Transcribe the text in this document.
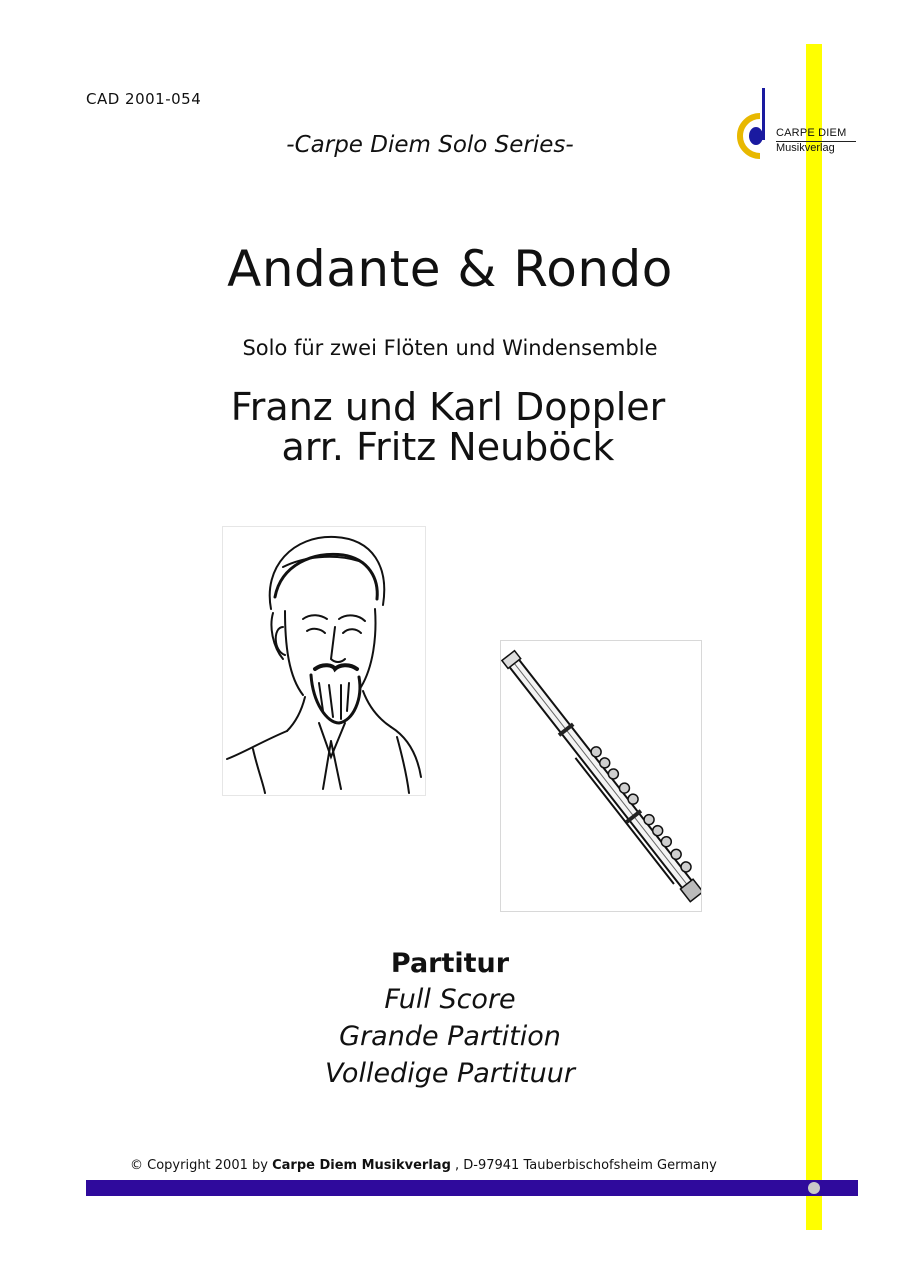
CAD 2001-054
-Carpe Diem Solo Series-	CARPE DIEM
Musikverlag
Andante & Rondo
Solo für zwei Flöten und Windensemble
Franz und Karl Doppler
arr. Fritz Neuböck
Partitur
Full Score
Grande Partition
Volledige Partituur
© Copyright 2001 by Carpe Diem Musikverlag , D-97941 Tauberbischofsheim Germany
